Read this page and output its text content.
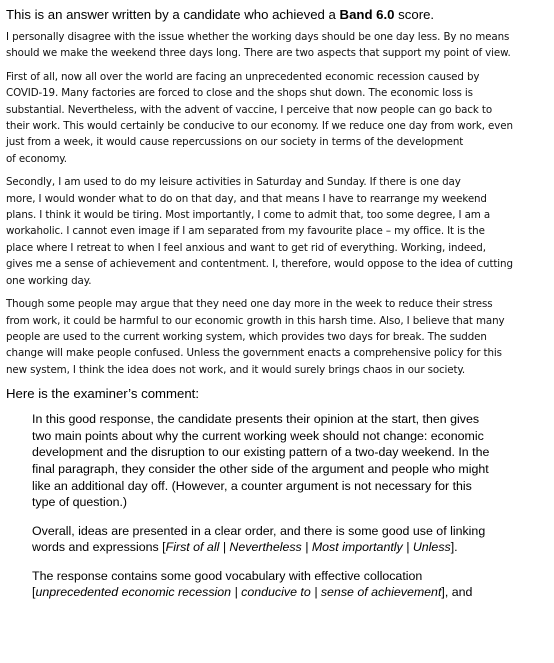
This is an answer written by a candidate who achieved a Band 6.0 score.

I personally disagree with the issue whether the working days should be one day less. By no means
should we make the weekend three days long. There are two aspects that support my point of view.

First of all, now all over the world are facing an unprecedented economic recession caused by
COVID-19. Many factories are forced to close and the shops shut down. The economic loss is
substantial. Nevertheless, with the advent of vaccine, I perceive that now people can go back to
their work. This would certainly be conducive to our economy. If we reduce one day from work, even
just from a week, it would cause repercussions on our society in terms of the development
of economy.

Secondly, I am used to do my leisure activities in Saturday and Sunday. If there is one day
more, I would wonder what to do on that day, and that means I have to rearrange my weekend
plans. I think it would be tiring. Most importantly, I come to admit that, too some degree, I am a
workaholic. I cannot even image if I am separated from my favourite place – my office. It is the
place where I retreat to when I feel anxious and want to get rid of everything. Working, indeed,
gives me a sense of achievement and contentment. I, therefore, would oppose to the idea of cutting
one working day.

Though some people may argue that they need one day more in the week to reduce their stress
from work, it could be harmful to our economic growth in this harsh time. Also, I believe that many
people are used to the current working system, which provides two days for break. The sudden
change will make people confused. Unless the government enacts a comprehensive policy for this
new system, I think the idea does not work, and it would surely brings chaos in our society.

Here is the examiner’s comment:

In this good response, the candidate presents their opinion at the start, then gives
two main points about why the current working week should not change: economic
development and the disruption to our existing pattern of a two-day weekend. In the
final paragraph, they consider the other side of the argument and people who might
like an additional day off. (However, a counter argument is not necessary for this
type of question.)

Overall, ideas are presented in a clear order, and there is some good use of linking
words and expressions [First of all | Nevertheless | Most importantly | Unless].

The response contains some good vocabulary with effective collocation
[unprecedented economic recession | conducive to | sense of achievement], and
